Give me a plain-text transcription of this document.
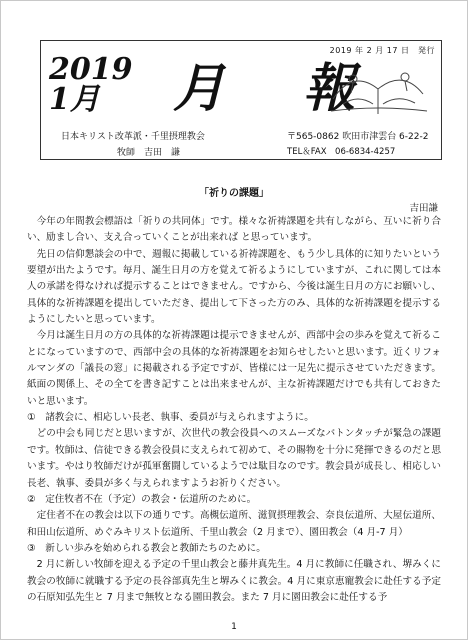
2019 年 2 月 17 日　発行
2019
1月	月 報
日本キリスト改革派・千里摂理教会
牧師　吉田　謙
〒565-0862 吹田市津雲台 6-22-2
TEL＆FAX　06-6834-4257
「祈りの課題」
吉田謙

今年の年間教会標語は「祈りの共同体」です。様々な祈祷課題を共有しながら、互いに祈り合い、励まし合い、支え合っていくことが出来れば と思っています。

先日の信仰懇談会の中で、週報に掲載している祈祷課題を、もう少し具体的に知りたいという要望が出たようです。毎月、誕生日月の方を覚えて祈るようにしていますが、これに関しては本人の承諾を得なければ提示することはできません。ですから、今後は誕生日月の方にお願いし、具体的な祈祷課題を提出していただき、提出して下さった方のみ、具体的な祈祷課題を提示するようにしたいと思っています。

今月は誕生日月の方の具体的な祈祷課題は提示できませんが、西部中会の歩みを覚えて祈ることになっていますので、西部中会の具体的な祈祷課題をお知らせしたいと思います。近くリフォルマンダの「議長の窓」に掲載される予定ですが、皆様には一足先に提示させていただきます。紙面の関係上、その全てを書き記すことは出来ませんが、主な祈祷課題だけでも共有しておきたいと思います。

①　諸教会に、相応しい長老、執事、委員が与えられますように。

どの中会も同じだと思いますが、次世代の教会役員へのスムーズなバトンタッチが緊急の課題です。牧師は、信徒できる教会役員に支えられて初めて、その賜物を十分に発揮できるのだと思います。やはり牧師だけが孤軍奮闘しているようでは駄目なのです。教会員が成長し、相応しい長老、執事、委員が多く与えられますようお祈りください。

②　定住牧者不在（予定）の教会・伝道所のために。

定住者不在の教会は以下の通りです。高槻伝道所、滋賀摂理教会、奈良伝道所、大屋伝道所、和田山伝道所、めぐみキリスト伝道所、千里山教会（2 月まで）、園田教会（4 月-7 月）

③　新しい歩みを始められる教会と教師たちのために。

2 月に新しい牧師を迎える予定の千里山教会と藤井真先生。4 月に教師に任職され、堺みくに教会の牧師に就職する予定の長谷部真先生と堺みくに教会。4 月に東京恵寵教会に赴任する予定の石原知弘先生と 7 月まで無牧となる園田教会。また 7 月に園田教会に赴任する予

1
